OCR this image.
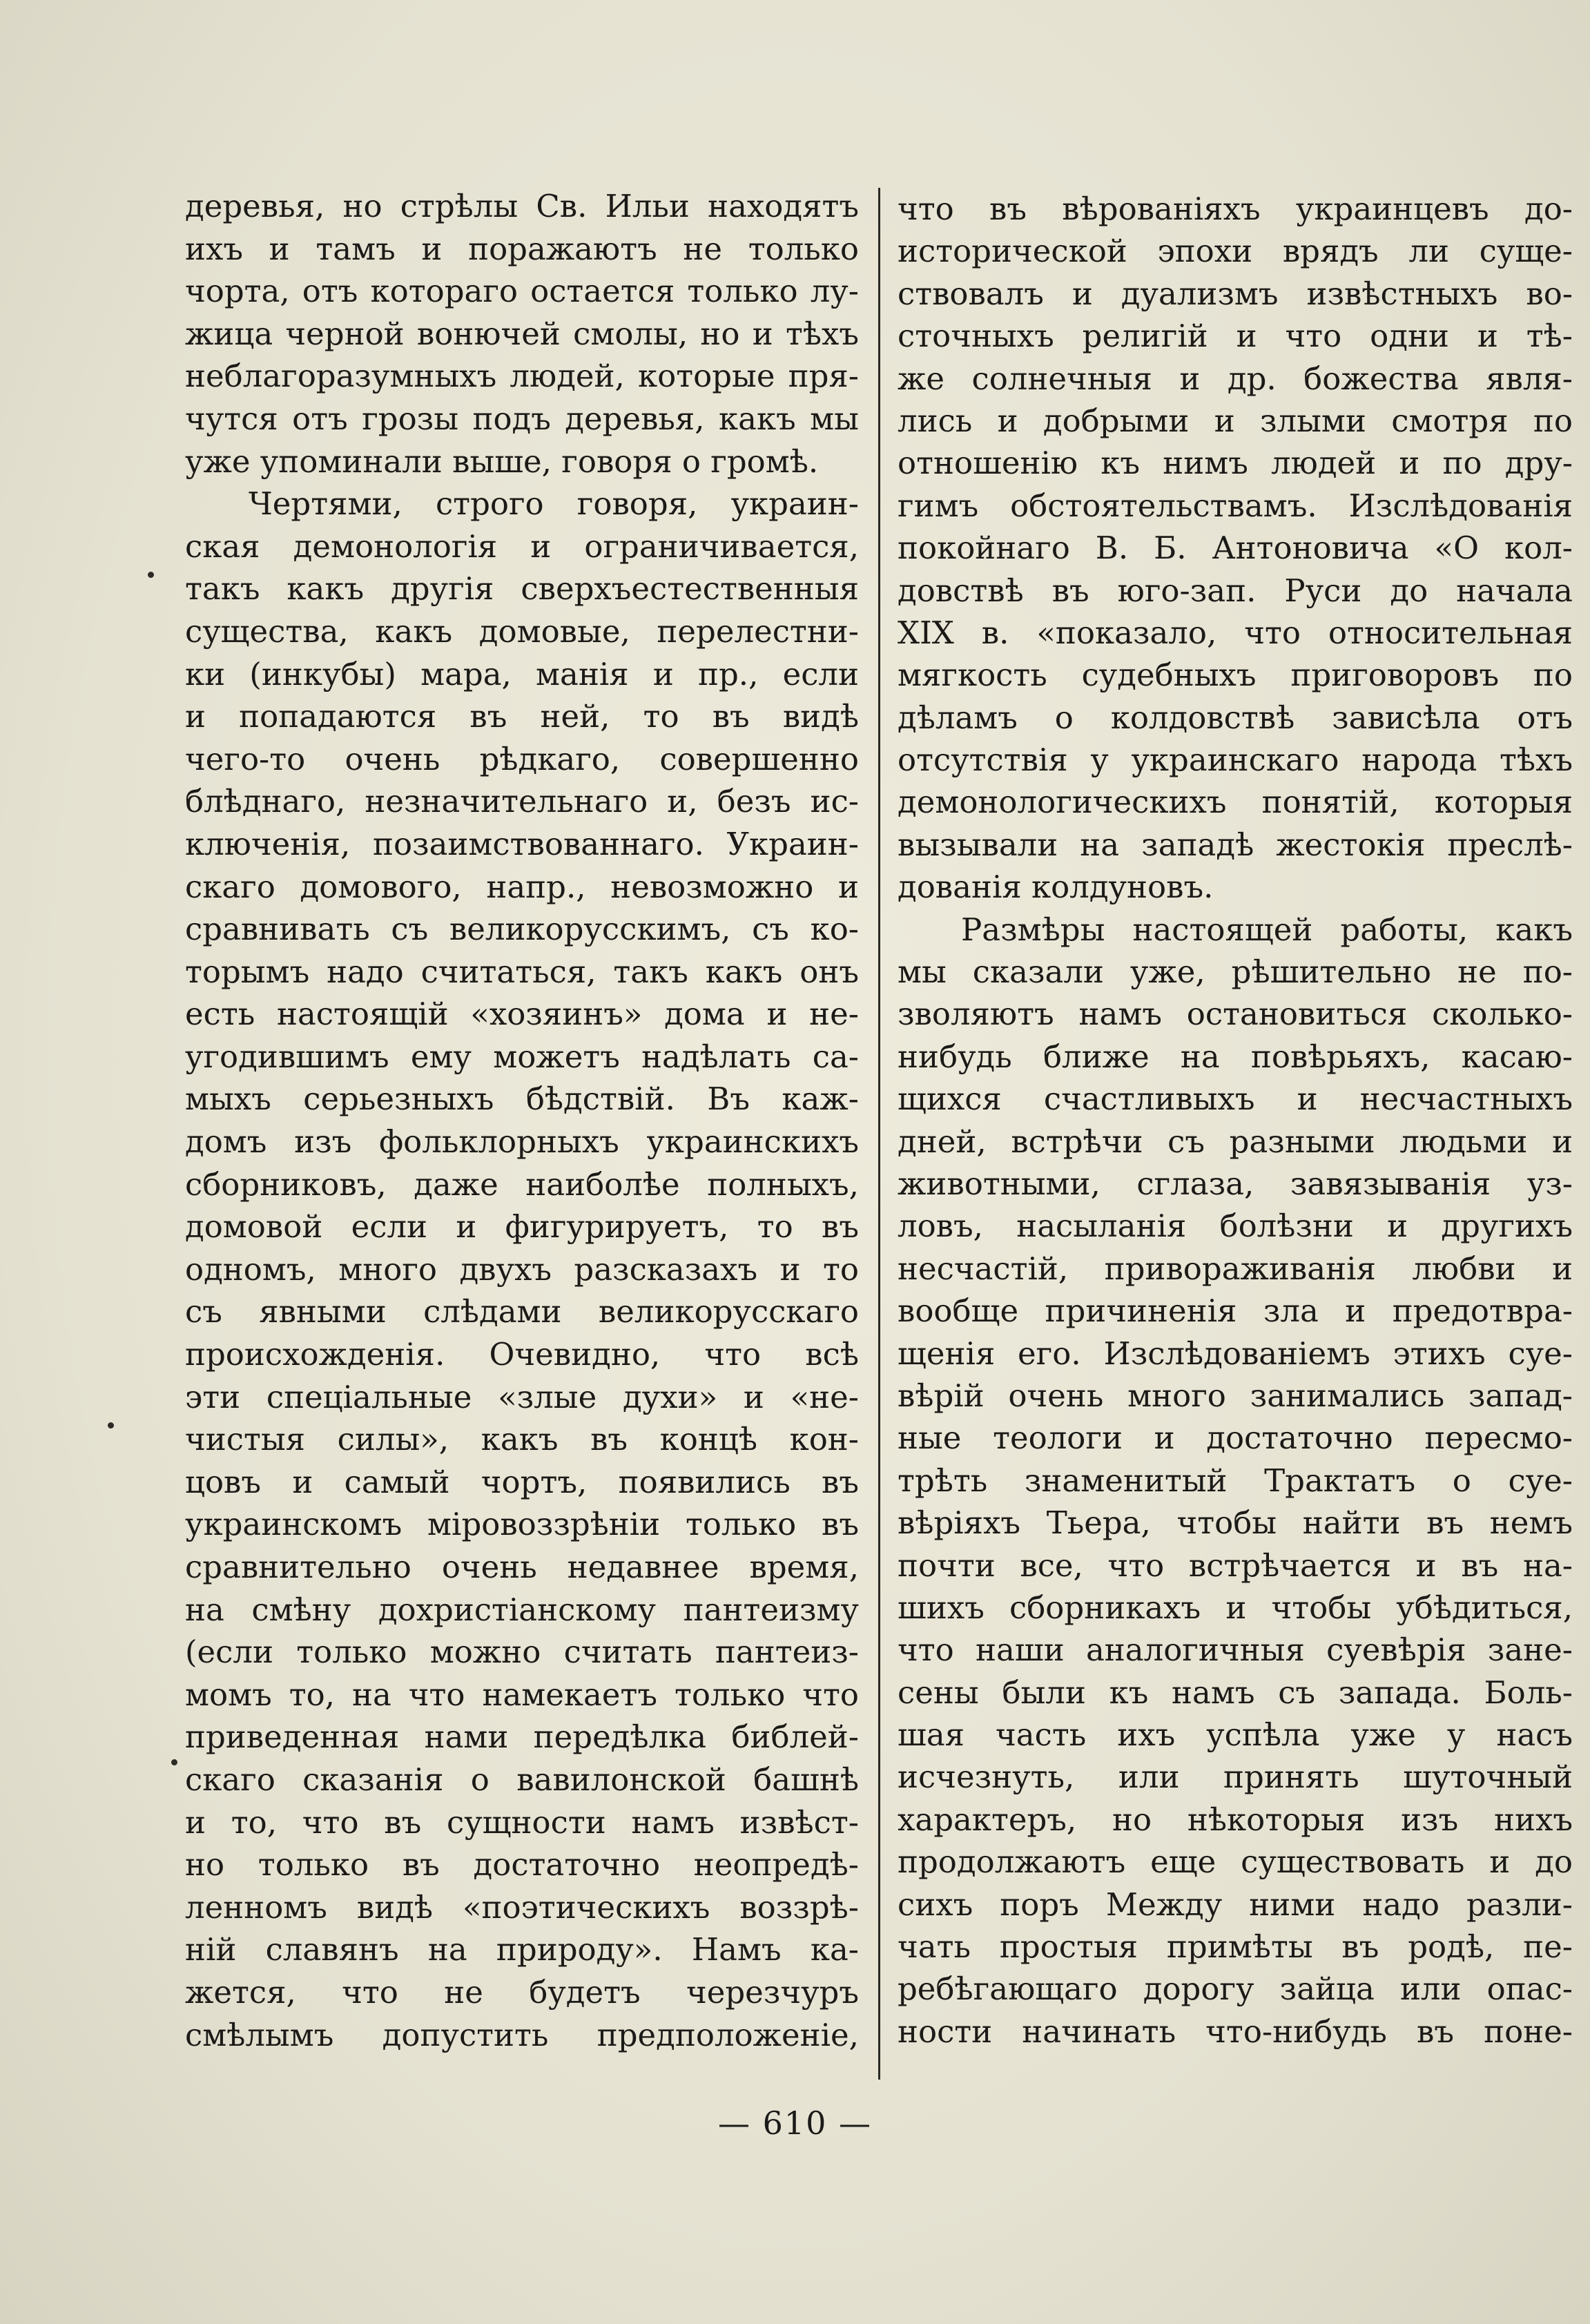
деревья, но стрѣлы Св. Ильи находятъ
ихъ и тамъ и поражаютъ не только
чорта, отъ котораго остается только лу-
жица черной вонючей смолы, но и тѣхъ
неблагоразумныхъ людей, которые пря-
чутся отъ грозы подъ деревья, какъ мы
уже упоминали выше, говоря о громѣ.
Чертями, строго говоря, украин-
ская демонологія и ограничивается,
такъ какъ другія сверхъестественныя
существа, какъ домовые, перелестни-
ки (инкубы) мара, манія и пр., если
и попадаются въ ней, то въ видѣ
чего-то очень рѣдкаго, совершенно
блѣднаго, незначительнаго и, безъ ис-
ключенія, позаимствованнаго. Украин-
скаго домового, напр., невозможно и
сравнивать съ великорусскимъ, съ ко-
торымъ надо считаться, такъ какъ онъ
есть настоящій «хозяинъ» дома и не-
угодившимъ ему можетъ надѣлать са-
мыхъ серьезныхъ бѣдствій. Въ каж-
домъ изъ фольклорныхъ украинскихъ
сборниковъ, даже наиболѣе полныхъ,
домовой если и фигурируетъ, то въ
одномъ, много двухъ разсказахъ и то
съ явными слѣдами великорусскаго
происхожденія. Очевидно, что всѣ
эти спеціальные «злые духи» и «не-
чистыя силы», какъ въ концѣ кон-
цовъ и самый чортъ, появились въ
украинскомъ міровоззрѣніи только въ
сравнительно очень недавнее время,
на смѣну дохристіанскому пантеизму
(если только можно считать пантеиз-
момъ то, на что намекаетъ только что
приведенная нами передѣлка библей-
скаго сказанія о вавилонской башнѣ
и то, что въ сущности намъ извѣст-
но только въ достаточно неопредѣ-
ленномъ видѣ «поэтическихъ воззрѣ-
ній славянъ на природу». Намъ ка-
жется, что не будетъ черезчуръ
смѣлымъ допустить предположеніе,
что въ вѣрованіяхъ украинцевъ до-
исторической эпохи врядъ ли суще-
ствовалъ и дуализмъ извѣстныхъ во-
сточныхъ религій и что одни и тѣ-
же солнечныя и др. божества явля-
лись и добрыми и злыми смотря по
отношенію къ нимъ людей и по дру-
гимъ обстоятельствамъ. Изслѣдованія
покойнаго В. Б. Антоновича «О кол-
довствѣ въ юго-зап. Руси до начала
XIX в. «показало, что относительная
мягкость судебныхъ приговоровъ по
дѣламъ о колдовствѣ зависѣла отъ
отсутствія у украинскаго народа тѣхъ
демонологическихъ понятій, которыя
вызывали на западѣ жестокія преслѣ-
дованія колдуновъ.
Размѣры настоящей работы, какъ
мы сказали уже, рѣшительно не по-
зволяютъ намъ остановиться сколько-
нибудь ближе на повѣрьяхъ, касаю-
щихся счастливыхъ и несчастныхъ
дней, встрѣчи съ разными людьми и
животными, сглаза, завязыванія уз-
ловъ, насыланія болѣзни и другихъ
несчастій, привораживанія любви и
вообще причиненія зла и предотвра-
щенія его. Изслѣдованіемъ этихъ суе-
вѣрій очень много занимались запад-
ные теологи и достаточно пересмо-
трѣть знаменитый Трактатъ о суе-
вѣріяхъ Тьера, чтобы найти въ немъ
почти все, что встрѣчается и въ на-
шихъ сборникахъ и чтобы убѣдиться,
что наши аналогичныя суевѣрія зане-
сены были къ намъ съ запада. Боль-
шая часть ихъ успѣла уже у насъ
исчезнуть, или принять шуточный
характеръ, но нѣкоторыя изъ нихъ
продолжаютъ еще существовать и до
сихъ поръ Между ними надо разли-
чать простыя примѣты въ родѣ, пе-
ребѣгающаго дорогу зайца или опас-
ности начинать что-нибудь въ поне-
— 610 —
